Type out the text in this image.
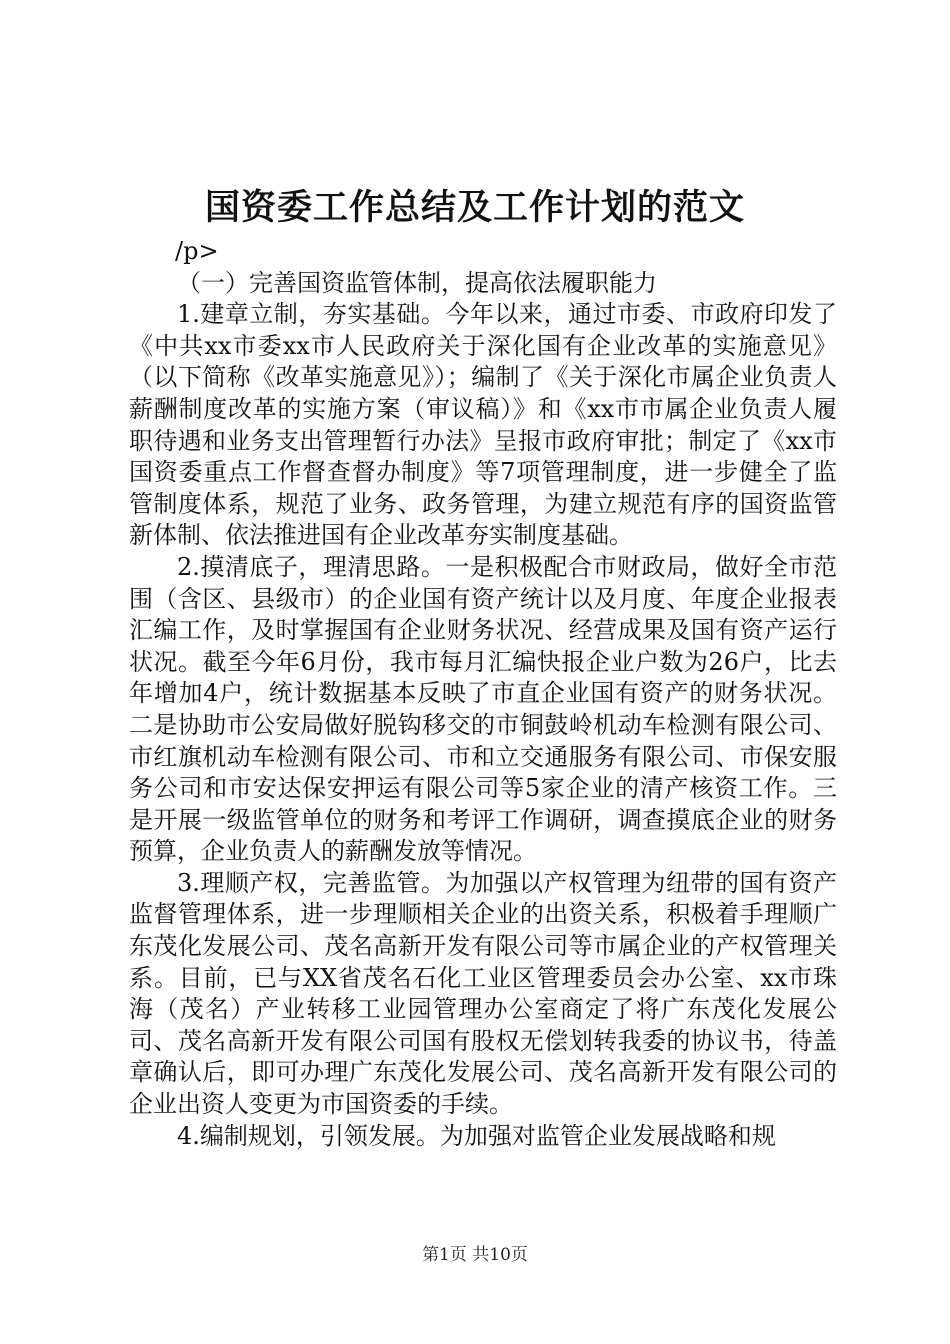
国资委工作总结及工作计划的范文

/p>

（一）完善国资监管体制，提高依法履职能力

1.建章立制，夯实基础。今年以来，通过市委、市政府印发了《中共xx市委xx市人民政府关于深化国有企业改革的实施意见》（以下简称《改革实施意见》）；编制了《关于深化市属企业负责人薪酬制度改革的实施方案（审议稿）》和《xx市市属企业负责人履职待遇和业务支出管理暂行办法》呈报市政府审批；制定了《xx市国资委重点工作督查督办制度》等7项管理制度，进一步健全了监管制度体系，规范了业务、政务管理，为建立规范有序的国资监管新体制、依法推进国有企业改革夯实制度基础。

2.摸清底子，理清思路。一是积极配合市财政局，做好全市范围（含区、县级市）的企业国有资产统计以及月度、年度企业报表汇编工作，及时掌握国有企业财务状况、经营成果及国有资产运行状况。截至今年6月份，我市每月汇编快报企业户数为26户，比去年增加4户，统计数据基本反映了市直企业国有资产的财务状况。二是协助市公安局做好脱钩移交的市铜鼓岭机动车检测有限公司、市红旗机动车检测有限公司、市和立交通服务有限公司、市保安服务公司和市安达保安押运有限公司等5家企业的清产核资工作。三是开展一级监管单位的财务和考评工作调研，调查摸底企业的财务预算，企业负责人的薪酬发放等情况。

3.理顺产权，完善监管。为加强以产权管理为纽带的国有资产监督管理体系，进一步理顺相关企业的出资关系，积极着手理顺广东茂化发展公司、茂名高新开发有限公司等市属企业的产权管理关系。目前，已与XX省茂名石化工业区管理委员会办公室、xx市珠海（茂名）产业转移工业园管理办公室商定了将广东茂化发展公司、茂名高新开发有限公司国有股权无偿划转我委的协议书，待盖章确认后，即可办理广东茂化发展公司、茂名高新开发有限公司的企业出资人变更为市国资委的手续。

4.编制规划，引领发展。为加强对监管企业发展战略和规

第1页 共10页
